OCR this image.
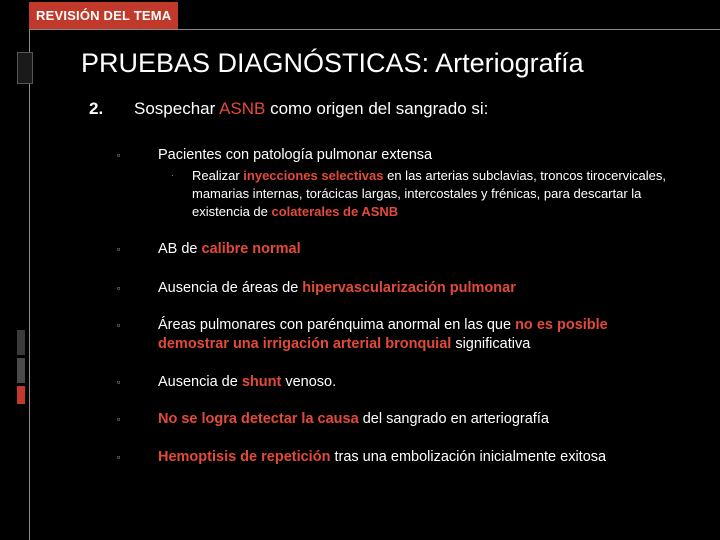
REVISIÓN DEL TEMA
PRUEBAS DIAGNÓSTICAS: Arteriografía
2. Sospechar ASNB como origen del sangrado si:
▫	Pacientes con patología pulmonar extensa
· Realizar inyecciones selectivas en las arterias subclavias, troncos tirocervicales, mamarias internas, torácicas largas, intercostales y frénicas, para descartar la existencia de colaterales de ASNB
▫	AB de calibre normal
▫	Ausencia de áreas de hipervascularización pulmonar
▫	Áreas pulmonares con parénquima anormal en las que no es posible demostrar una irrigación arterial bronquial significativa
▫	Ausencia de shunt venoso.
▫	No se logra detectar la causa del sangrado en arteriografía
▫	Hemoptisis de repetición tras una embolización inicialmente exitosa
